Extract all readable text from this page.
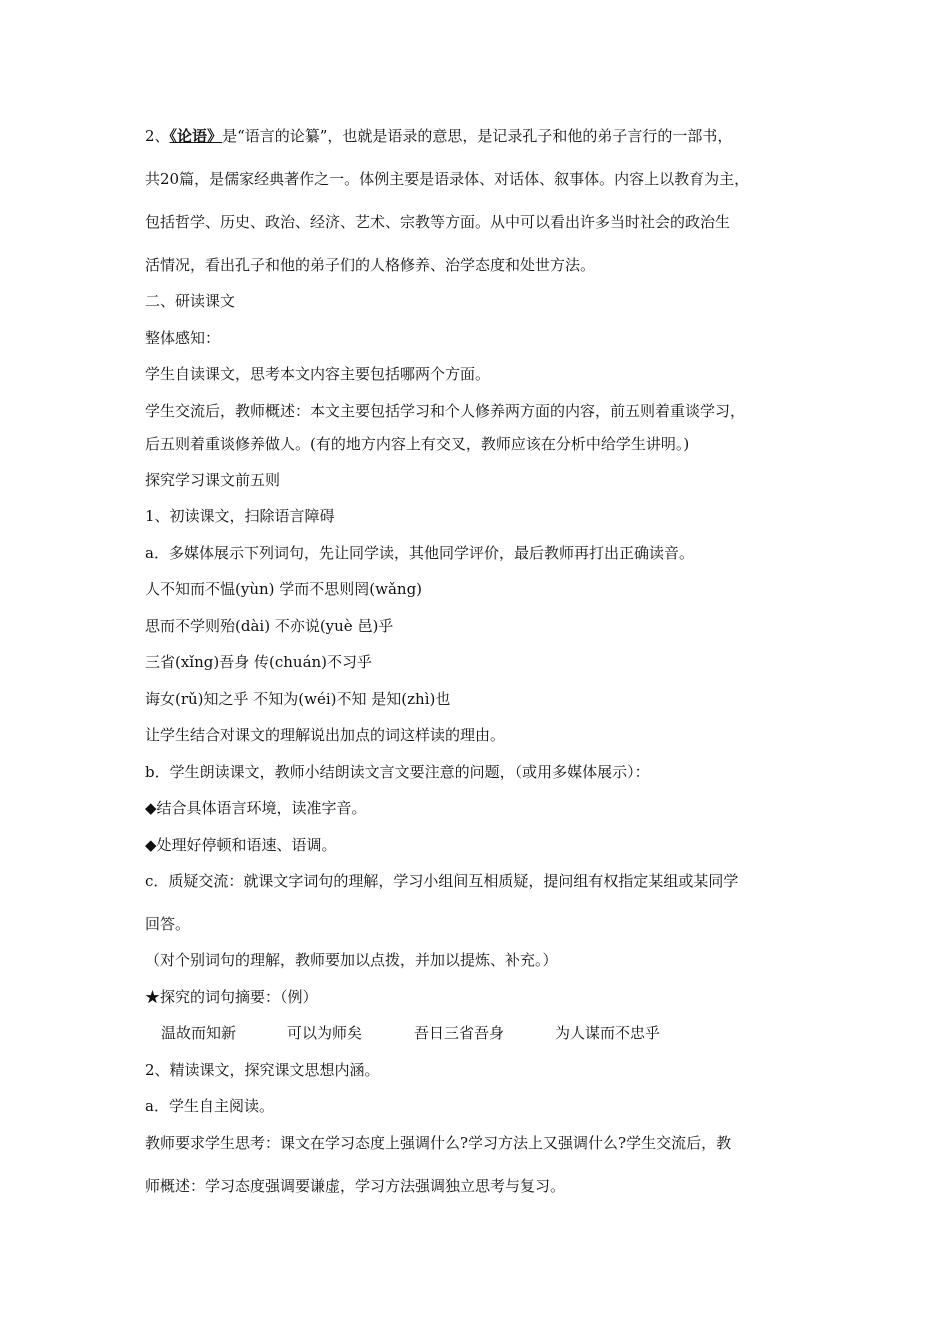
2、《论语》是“语言的论纂”，也就是语录的意思，是记录孔子和他的弟子言行的一部书，
共20篇，是儒家经典著作之一。体例主要是语录体、对话体、叙事体。内容上以教育为主，
包括哲学、历史、政治、经济、艺术、宗教等方面。从中可以看出许多当时社会的政治生
活情况，看出孔子和他的弟子们的人格修养、治学态度和处世方法。
二、研读课文
整体感知：
学生自读课文，思考本文内容主要包括哪两个方面。
学生交流后，教师概述：本文主要包括学习和个人修养两方面的内容，前五则着重谈学习，
后五则着重谈修养做人。(有的地方内容上有交叉，教师应该在分析中给学生讲明。)
探究学习课文前五则
1、初读课文，扫除语言障碍
a．多媒体展示下列词句，先让同学读，其他同学评价，最后教师再打出正确读音。
人不知而不愠(yùn) 学而不思则罔(wǎng)
思而不学则殆(dài) 不亦说(yuè 邑)乎
三省(xǐng)吾身 传(chuán)不习乎
诲女(rǔ)知之乎 不知为(wéi)不知 是知(zhì)也
让学生结合对课文的理解说出加点的词这样读的理由。
b．学生朗读课文，教师小结朗读文言文要注意的问题，（或用多媒体展示）：
◆结合具体语言环境，读准字音。
◆处理好停顿和语速、语调。
c．质疑交流：就课文字词句的理解，学习小组间互相质疑，提问组有权指定某组或某同学
回答。
（对个别词句的理解，教师要加以点拨，并加以提炼、补充。）
★探究的词句摘要：（例）
温故而知新	可以为师矣	吾日三省吾身	为人谋而不忠乎
2、精读课文，探究课文思想内涵。
a．学生自主阅读。
教师要求学生思考：课文在学习态度上强调什么?学习方法上又强调什么?学生交流后，教
师概述：学习态度强调要谦虚，学习方法强调独立思考与复习。
